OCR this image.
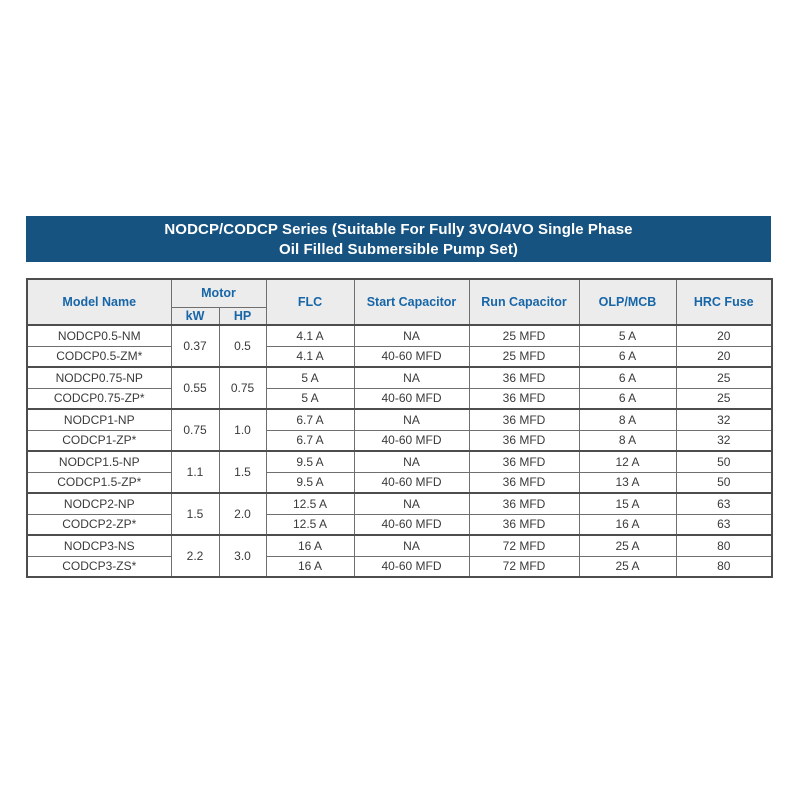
NODCP/CODCP Series (Suitable For Fully 3VO/4VO Single Phase
Oil Filled Submersible Pump Set)
Model Name	Motor		FLC	Start Capacitor	Run Capacitor	OLP/MCB	HRC Fuse
	kW	HP					
NODCP0.5-NM	0.37	0.5	4.1 A	NA	25 MFD	5 A	20
CODCP0.5-ZM*			4.1 A	40-60 MFD	25 MFD	6 A	20
NODCP0.75-NP	0.55	0.75	5 A	NA	36 MFD	6 A	25
CODCP0.75-ZP*			5 A	40-60 MFD	36 MFD	6 A	25
NODCP1-NP	0.75	1.0	6.7 A	NA	36 MFD	8 A	32
CODCP1-ZP*			6.7 A	40-60 MFD	36 MFD	8 A	32
NODCP1.5-NP	1.1	1.5	9.5 A	NA	36 MFD	12 A	50
CODCP1.5-ZP*			9.5 A	40-60 MFD	36 MFD	13 A	50
NODCP2-NP	1.5	2.0	12.5 A	NA	36 MFD	15 A	63
CODCP2-ZP*			12.5 A	40-60 MFD	36 MFD	16 A	63
NODCP3-NS	2.2	3.0	16 A	NA	72 MFD	25 A	80
CODCP3-ZS*			16 A	40-60 MFD	72 MFD	25 A	80
